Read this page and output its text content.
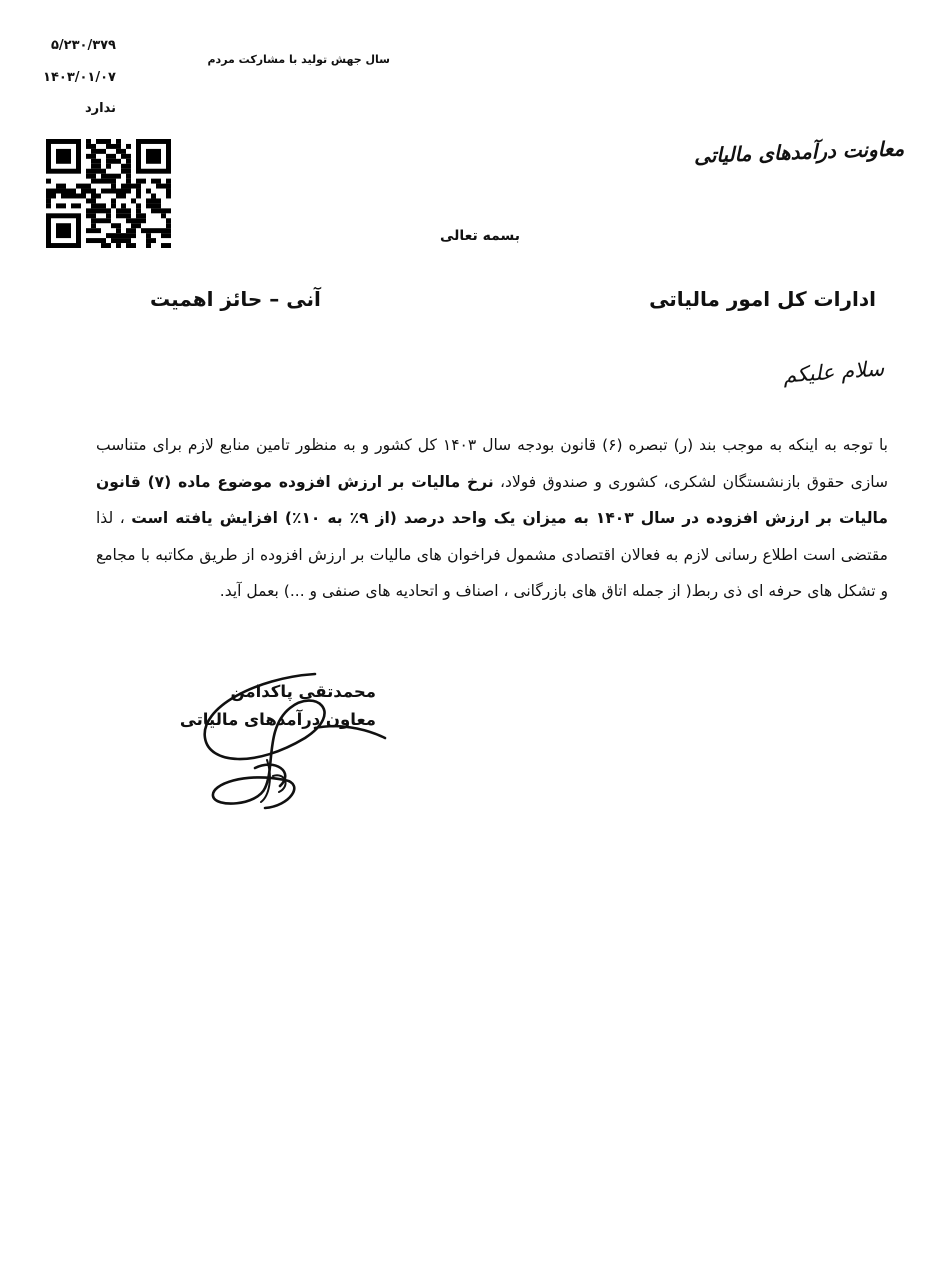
۵/۲۳۰/۳۷۹
۱۴۰۳/۰۱/۰۷
ندارد
سال جهش تولید با مشارکت مردم
معاونت درآمدهای مالیاتی
بسمه تعالی
ادارات کل امور مالیاتی
آنی – حائز اهمیت
سلام علیکم
با توجه به اینکه به موجب بند (ر) تبصره (۶) قانون بودجه سال ۱۴۰۳ کل کشور و به منظور تامین منابع لازم برای متناسب سازی حقوق بازنشستگان لشکری، کشوری و صندوق فولاد، نرخ مالیات بر ارزش افزوده موضوع ماده (۷) قانون مالیات بر ارزش افزوده در سال ۱۴۰۳ به میزان یک واحد درصد (از ۹٪ به ۱۰٪) افزایش یافته است ، لذا مقتضی است اطلاع رسانی لازم به فعالان اقتصادی مشمول فراخوان های مالیات بر ارزش افزوده از طریق مکاتبه با مجامع و تشکل های حرفه ای ذی ربط( از جمله اتاق های بازرگانی ، اصناف و اتحادیه های صنفی و ...) بعمل آید.
محمدتقی پاکدامن
معاون درآمدهای مالیاتی
